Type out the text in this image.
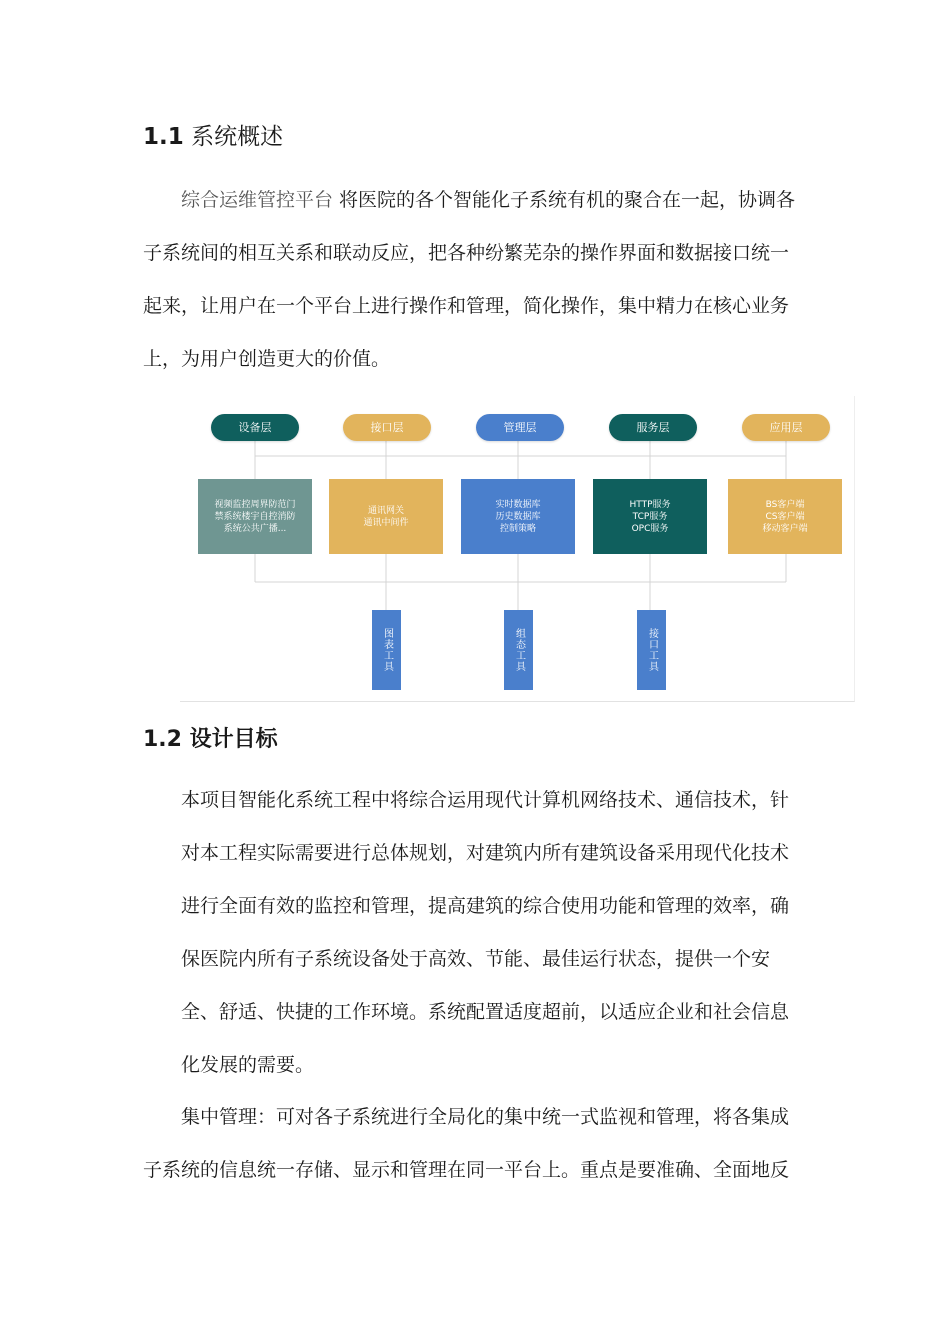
1.1 系统概述

综合运维管控平台 将医院的各个智能化子系统有机的聚合在一起，协调各
子系统间的相互关系和联动反应，把各种纷繁芜杂的操作界面和数据接口统一
起来，让用户在一个平台上进行操作和管理，简化操作，集中精力在核心业务
上，为用户创造更大的价值。

设备层	接口层	管理层	服务层	应用层
视频监控周界防范门
禁系统楼宇自控消防
系统公共广播...
通讯网关
通讯中间件
实时数据库
历史数据库
控制策略
HTTP服务
TCP服务
OPC服务
BS客户端
CS客户端
移动客户端
图表工具	组态工具	接口工具
1.2 设计目标

本项目智能化系统工程中将综合运用现代计算机网络技术、通信技术，针
对本工程实际需要进行总体规划，对建筑内所有建筑设备采用现代化技术
进行全面有效的监控和管理，提高建筑的综合使用功能和管理的效率，确
保医院内所有子系统设备处于高效、节能、最佳运行状态，提供一个安
全、舒适、快捷的工作环境。系统配置适度超前，以适应企业和社会信息
化发展的需要。

集中管理：可对各子系统进行全局化的集中统一式监视和管理，将各集成
子系统的信息统一存储、显示和管理在同一平台上。重点是要准确、全面地反
